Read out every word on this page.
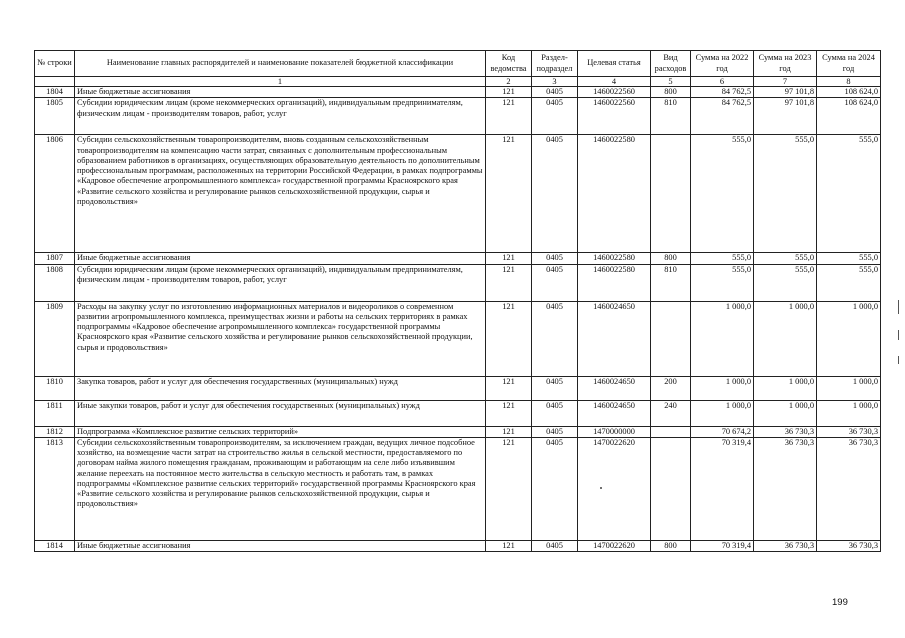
№ строки	Наименование главных распорядителей и наименование показателей бюджетной классификации	Код ведомства	Раздел-подраздел	Целевая статья	Вид расходов	Сумма на 2022 год	Сумма на 2023 год	Сумма на 2024 год
	1	2	3	4	5	6	7	8
1804	Иные бюджетные ассигнования	121	0405	1460022560	800	84 762,5	97 101,8	108 624,0
1805	Субсидии юридическим лицам (кроме некоммерческих организаций), индивидуальным предпринимателям, физическим лицам - производителям товаров, работ, услуг	121	0405	1460022560	810	84 762,5	97 101,8	108 624,0
1806	Субсидии сельскохозяйственным товаропроизводителям, вновь созданным сельскохозяйственным товаропроизводителям на компенсацию части затрат, связанных с дополнительным профессиональным образованием работников в организациях, осуществляющих образовательную деятельность по дополнительным профессиональным программам, расположенных на территории Российской Федерации, в рамках подпрограммы «Кадровое обеспечение агропромышленного комплекса» государственной программы Красноярского края «Развитие сельского хозяйства и регулирование рынков сельскохозяйственной продукции, сырья и продовольствия»	121	0405	1460022580		555,0	555,0	555,0
1807	Иные бюджетные ассигнования	121	0405	1460022580	800	555,0	555,0	555,0
1808	Субсидии юридическим лицам (кроме некоммерческих организаций), индивидуальным предпринимателям, физическим лицам - производителям товаров, работ, услуг	121	0405	1460022580	810	555,0	555,0	555,0
1809	Расходы на закупку услуг по изготовлению информационных материалов и видеороликов о современном развитии агропромышленного комплекса, преимуществах жизни и работы на сельских территориях в рамках подпрограммы «Кадровое обеспечение агропромышленного комплекса» государственной программы Красноярского края «Развитие сельского хозяйства и регулирование рынков сельскохозяйственной продукции, сырья и продовольствия»	121	0405	1460024650		1 000,0	1 000,0	1 000,0
1810	Закупка товаров, работ и услуг для обеспечения государственных (муниципальных) нужд	121	0405	1460024650	200	1 000,0	1 000,0	1 000,0
1811	Иные закупки товаров, работ и услуг для обеспечения государственных (муниципальных) нужд	121	0405	1460024650	240	1 000,0	1 000,0	1 000,0
1812	Подпрограмма «Комплексное развитие сельских территорий»	121	0405	1470000000		70 674,2	36 730,3	36 730,3
1813	Субсидии сельскохозяйственным товаропроизводителям, за исключением граждан, ведущих личное подсобное хозяйство, на возмещение части затрат на строительство жилья в сельской местности, предоставляемого по договорам найма жилого помещения гражданам, проживающим и работающим на селе либо изъявившим желание переехать на постоянное место жительства в сельскую местность и работать там, в рамках подпрограммы «Комплексное развитие сельских территорий» государственной программы Красноярского края «Развитие сельского хозяйства и регулирование рынков сельскохозяйственной продукции, сырья и продовольствия»	121	0405	1470022620		70 319,4	36 730,3	36 730,3
1814	Иные бюджетные ассигнования	121	0405	1470022620	800	70 319,4	36 730,3	36 730,3
199
